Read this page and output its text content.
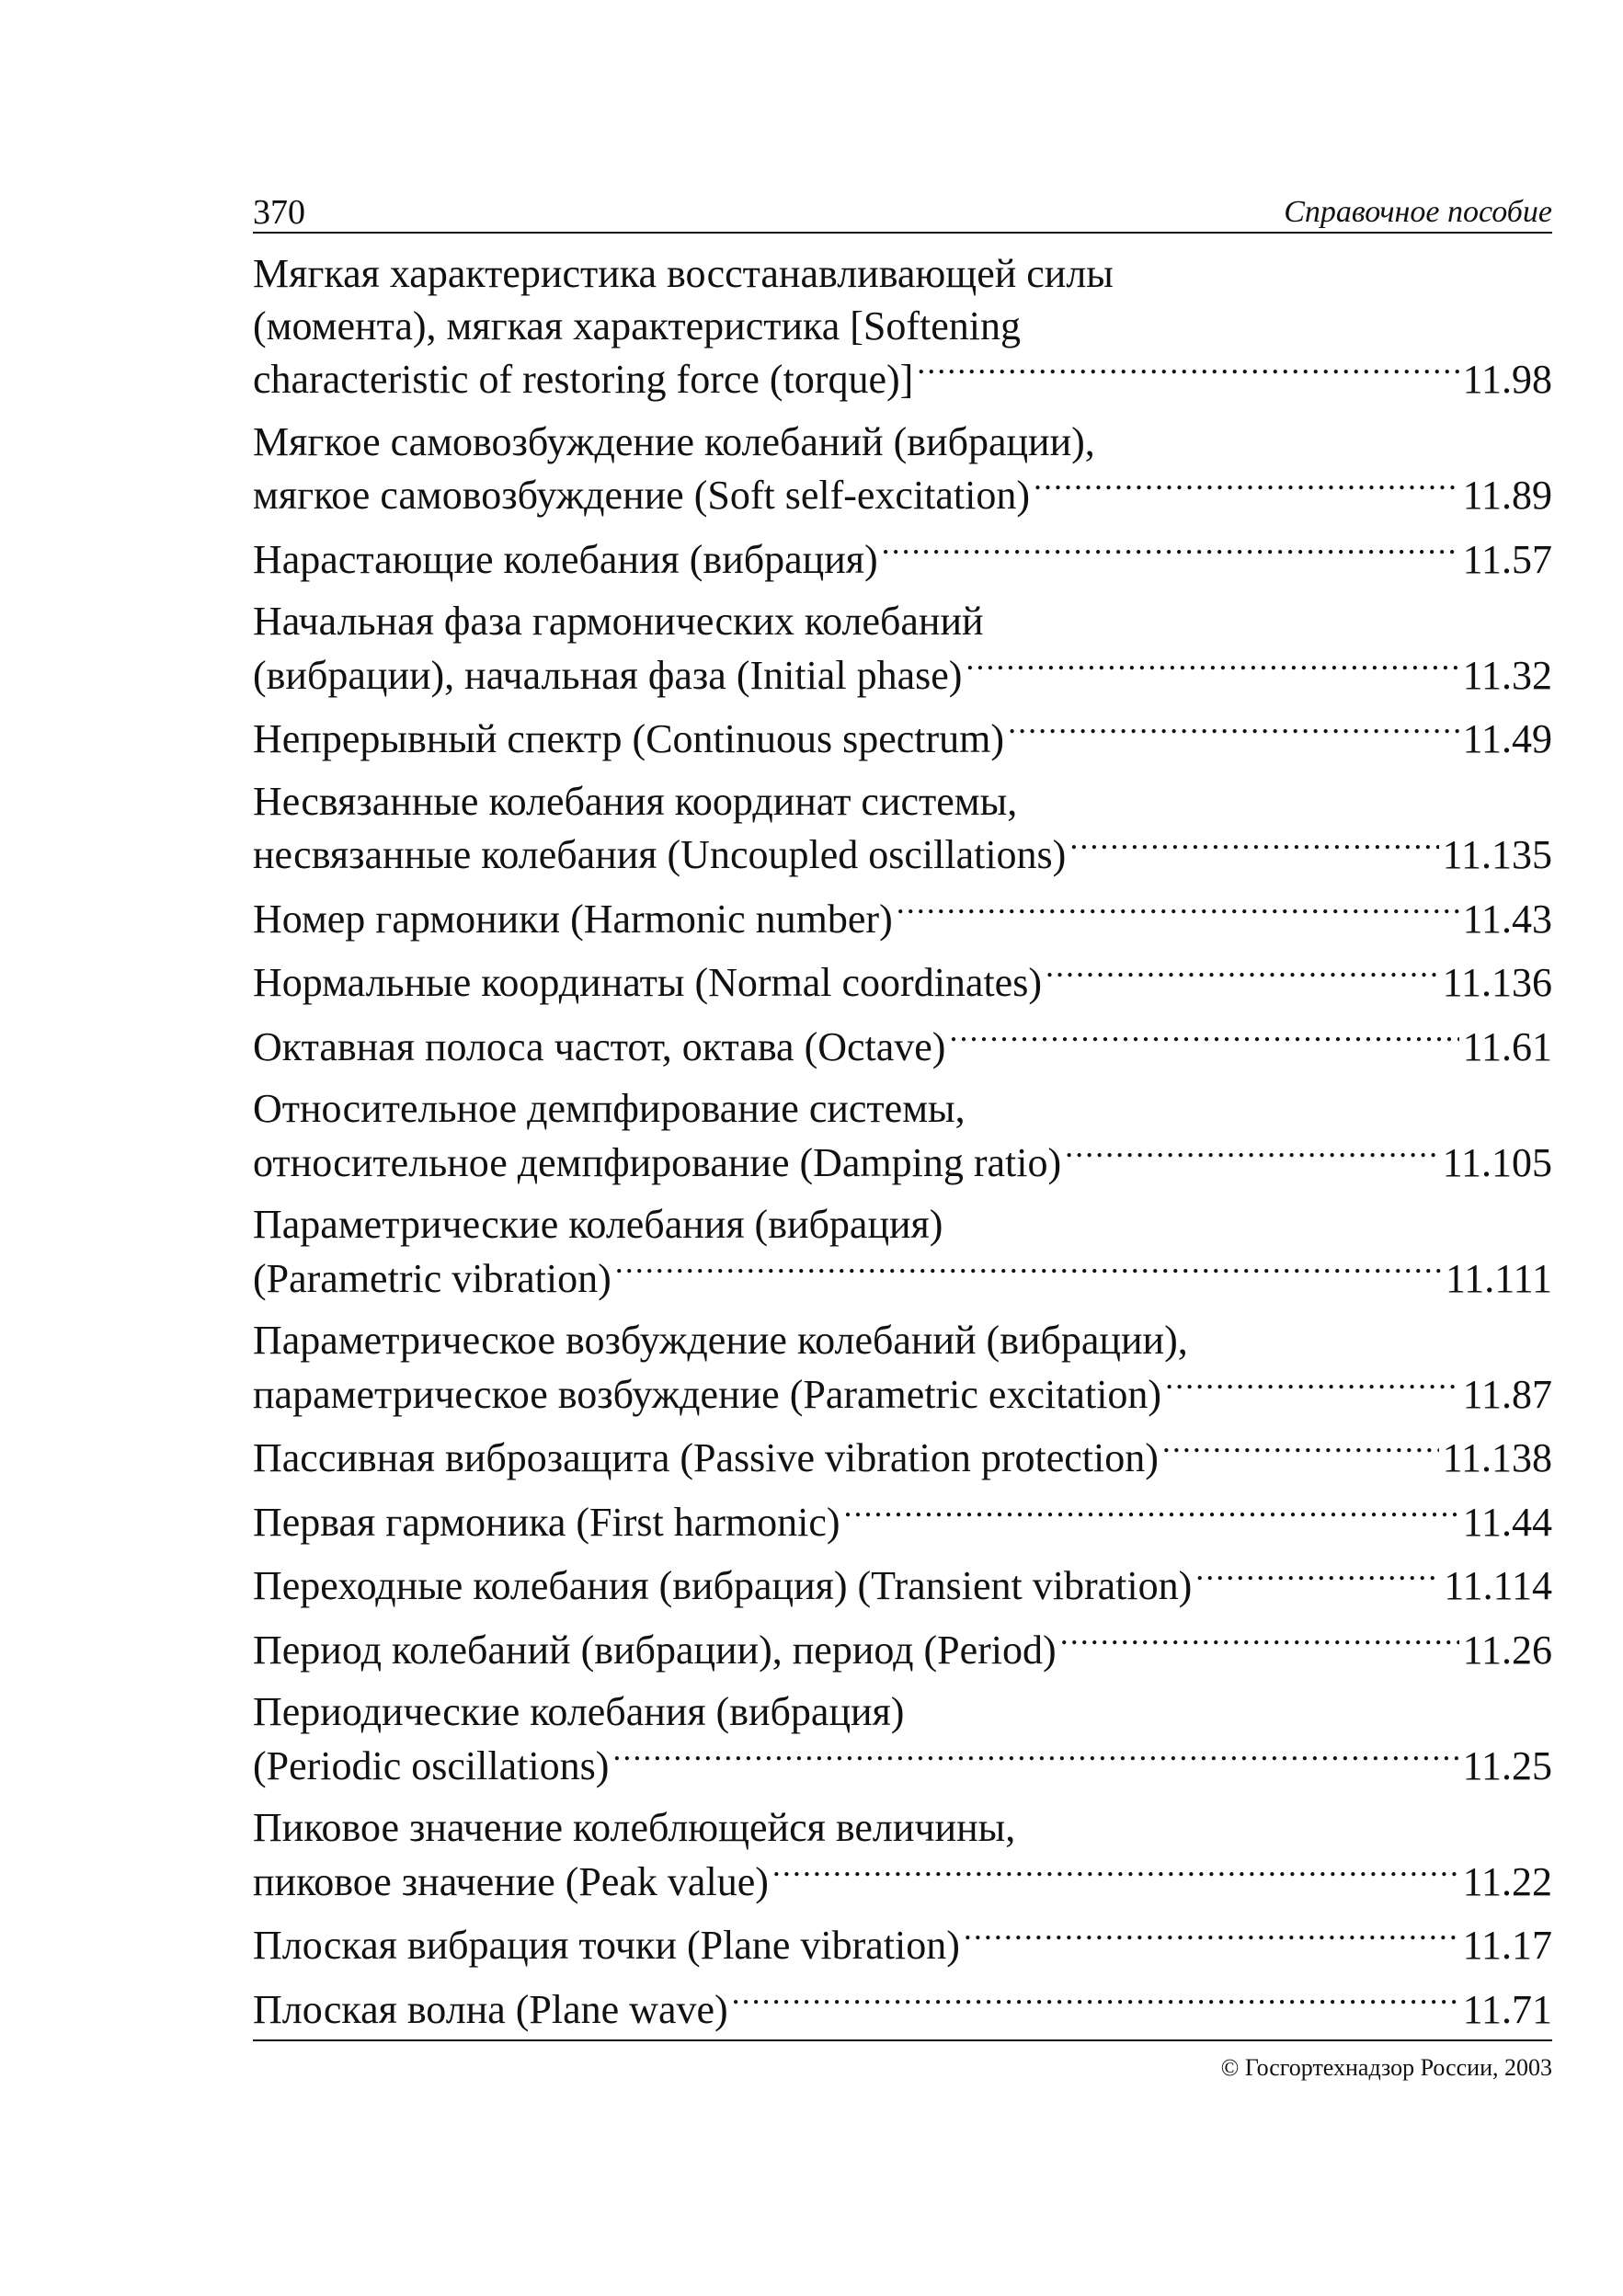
370	Справочное пособие
Мягкая характеристика восстанавливающей силы
(момента), мягкая характеристика [Softening
characteristic of restoring force (torque)] .....	11.98
Мягкое самовозбуждение колебаний (вибрации),
мягкое самовозбуждение (Soft self-excitation) .....	11.89
Нарастающие колебания (вибрация) .....	11.57
Начальная фаза гармонических колебаний
(вибрации), начальная фаза (Initial phase) .....	11.32
Непрерывный спектр (Continuous spectrum) .....	11.49
Несвязанные колебания координат системы,
несвязанные колебания (Uncoupled oscillations) .....	11.135
Номер гармоники (Harmonic number) .....	11.43
Нормальные координаты (Normal coordinates) .....	11.136
Октавная полоса частот, октава (Octave) .....	11.61
Относительное демпфирование системы,
относительное демпфирование (Damping ratio) .....	11.105
Параметрические колебания (вибрация)
(Parametric vibration) .....	11.111
Параметрическое возбуждение колебаний (вибрации),
параметрическое возбуждение (Parametric excitation) .....	11.87
Пассивная виброзащита (Passive vibration protection) .....	11.138
Первая гармоника (First harmonic) .....	11.44
Переходные колебания (вибрация) (Transient vibration) .....	11.114
Период колебаний (вибрации), период (Period) .....	11.26
Периодические колебания (вибрация)
(Periodic oscillations) .....	11.25
Пиковое значение колеблющейся величины,
пиковое значение (Peak value) .....	11.22
Плоская вибрация точки (Plane vibration) .....	11.17
Плоская волна (Plane wave) .....	11.71
© Госгортехнадзор России, 2003
